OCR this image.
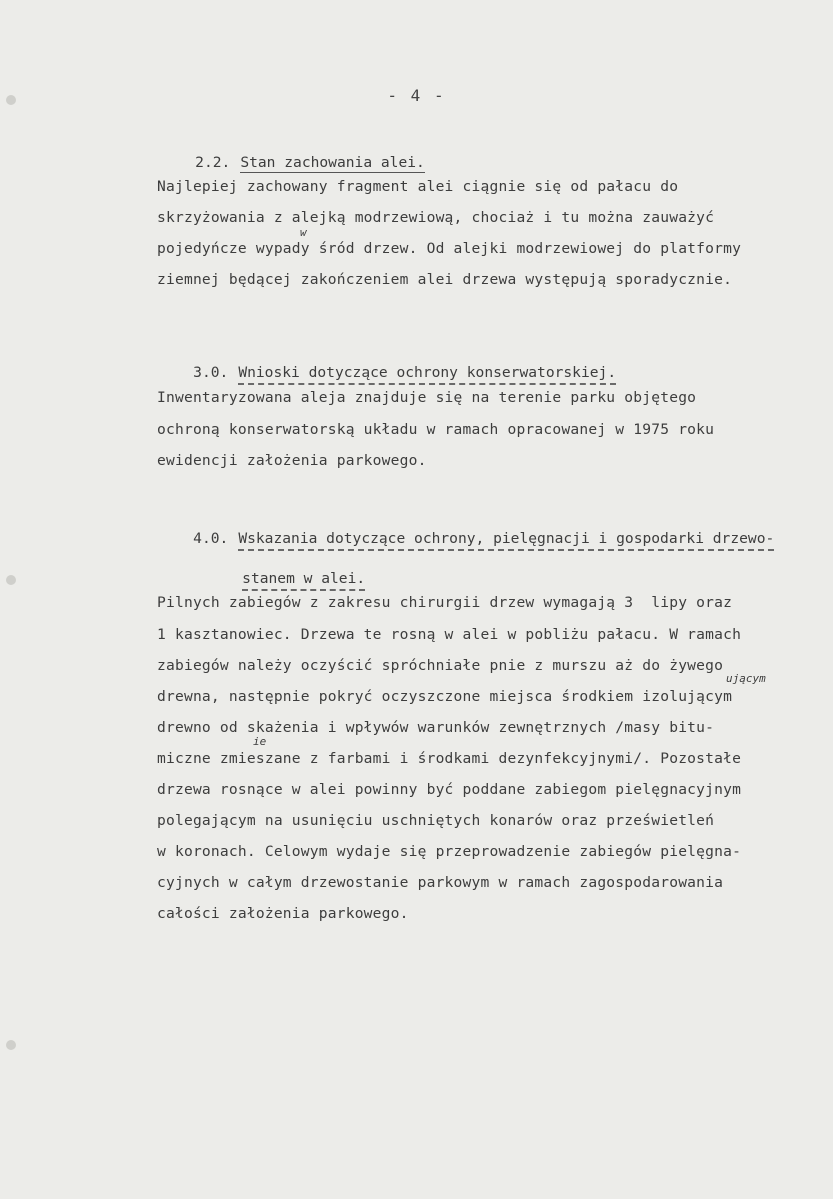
- 4 -

2.2. Stan zachowania alei.

Najlepiej zachowany fragment alei ciągnie się od pałacu do
skrzyżowania z alejką modrzewiową, chociaż i tu można zauważyć
w
pojedyńcze wypady śród drzew. Od alejki modrzewiowej do platformy
ziemnej będącej zakończeniem alei drzewa występują sporadycznie.

3.0. Wnioski dotyczące ochrony konserwatorskiej.

Inwentaryzowana aleja znajduje się na terenie parku objętego
ochroną konserwatorską układu w ramach opracowanej w 1975 roku
ewidencji założenia parkowego.

4.0. Wskazania dotyczące ochrony, pielęgnacji i gospodarki drzewo-

stanem w alei.

Pilnych zabiegów z zakresu chirurgii drzew wymagają 3  lipy oraz
1 kasztanowiec. Drzewa te rosną w alei w pobliżu pałacu. W ramach
zabiegów należy oczyścić spróchniałe pnie z murszu aż do żywego
ującym
drewna, następnie pokryć oczyszczone miejsca środkiem izolującym
drewno od skażenia i wpływów warunków zewnętrznych /masy bitu-
ie
miczne zmieszane z farbami i środkami dezynfekcyjnymi/. Pozostałe
drzewa rosnące w alei powinny być poddane zabiegom pielęgnacyjnym
polegającym na usunięciu uschniętych konarów oraz prześwietleń
w koronach. Celowym wydaje się przeprowadzenie zabiegów pielęgna-
cyjnych w całym drzewostanie parkowym w ramach zagospodarowania
całości założenia parkowego.
